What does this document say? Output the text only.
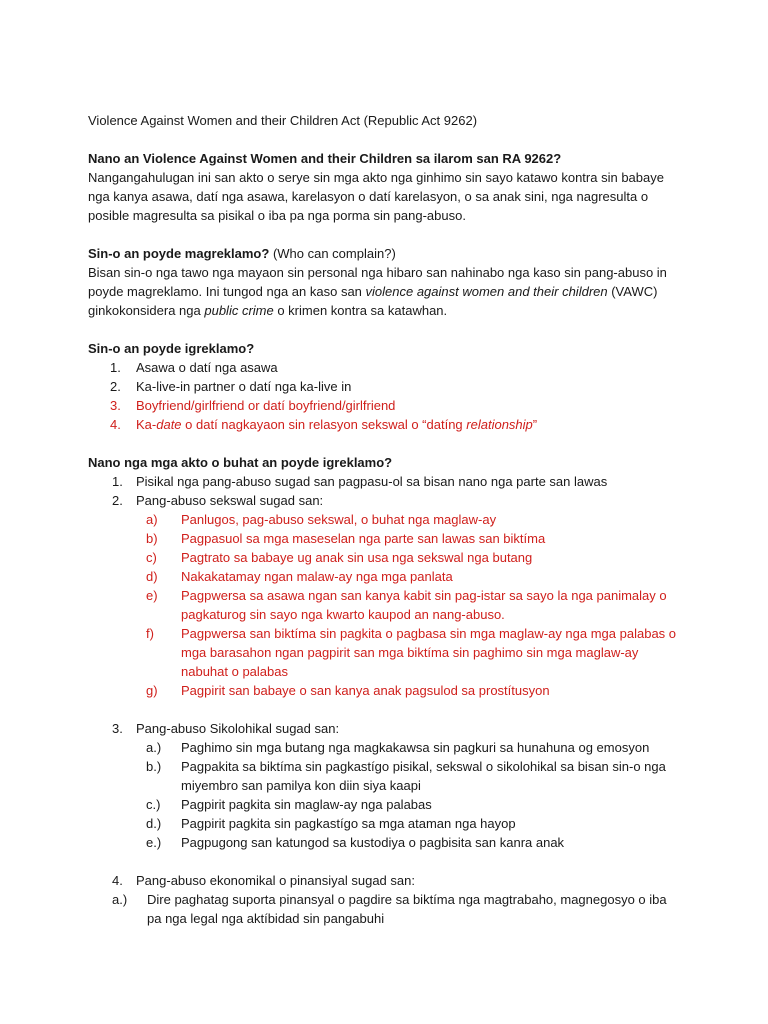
Violence Against Women and their Children Act (Republic Act 9262)

Nano an Violence Against Women and their Children sa ilarom san RA 9262?

Nangangahulugan ini san akto o serye sin mga akto nga ginhimo sin sayo katawo kontra sin babaye nga kanya asawa, datí nga asawa, karelasyon o datí karelasyon, o sa anak sini, nga nagresulta o posible magresulta sa pisikal o iba pa nga porma sin pang-abuso.

Sin-o an poyde magreklamo? (Who can complain?)

Bisan sin-o nga tawo nga mayaon sin personal nga hibaro san nahinabo nga kaso sin pang-abuso in poyde magreklamo. Ini tungod nga an kaso san violence against women and their children (VAWC) ginkokonsidera nga public crime o krimen kontra sa katawhan.

Sin-o an poyde igreklamo?

1.	Asawa o datí nga asawa
2.	Ka-live-in partner o datí nga ka-live in
3.	Boyfriend/girlfriend or datí boyfriend/girlfriend
4.	Ka-date o datí nagkayaon sin relasyon sekswal o “datíng relationship”

Nano nga mga akto o buhat an poyde igreklamo?

1.	Pisikal nga pang-abuso sugad san pagpasu-ol sa bisan nano nga parte san lawas
2.	Pang-abuso sekswal sugad san:
a)	Panlugos, pag-abuso sekswal, o buhat nga maglaw-ay
b)	Pagpasuol sa mga maseselan nga parte san lawas san biktíma
c)	Pagtrato sa babaye ug anak sin usa nga sekswal nga butang
d)	Nakakatamay ngan malaw-ay nga mga panlata
e)	Pagpwersa sa asawa ngan san kanya kabit sin pag-istar sa sayo la nga panimalay o pagkaturog sin sayo nga kwarto kaupod an nang-abuso.
f)	Pagpwersa san biktíma sin pagkita o pagbasa sin mga maglaw-ay nga mga palabas o mga barasahon ngan pagpirit san mga biktíma sin paghimo sin mga maglaw-ay nabuhat o palabas
g)	Pagpirit san babaye o san kanya anak pagsulod sa prostítusyon
3.	Pang-abuso Sikolohikal sugad san:
a.)	Paghimo sin mga butang nga magkakawsa sin pagkuri sa hunahuna og emosyon
b.)	Pagpakita sa biktíma sin pagkastígo pisikal, sekswal o sikolohikal sa bisan sin-o nga miyembro san pamilya kon diin siya kaapi
c.)	Pagpirit pagkita sin maglaw-ay nga palabas
d.)	Pagpirit pagkita sin pagkastígo sa mga ataman nga hayop
e.)	Pagpugong san katungod sa kustodiya o pagbisita san kanra anak
4.	Pang-abuso ekonomikal o pinansiyal sugad san:
a.)	Dire paghatag suporta pinansyal o pagdire sa biktíma nga magtrabaho, magnegosyo o iba pa nga legal nga aktíbidad sin pangabuhi
